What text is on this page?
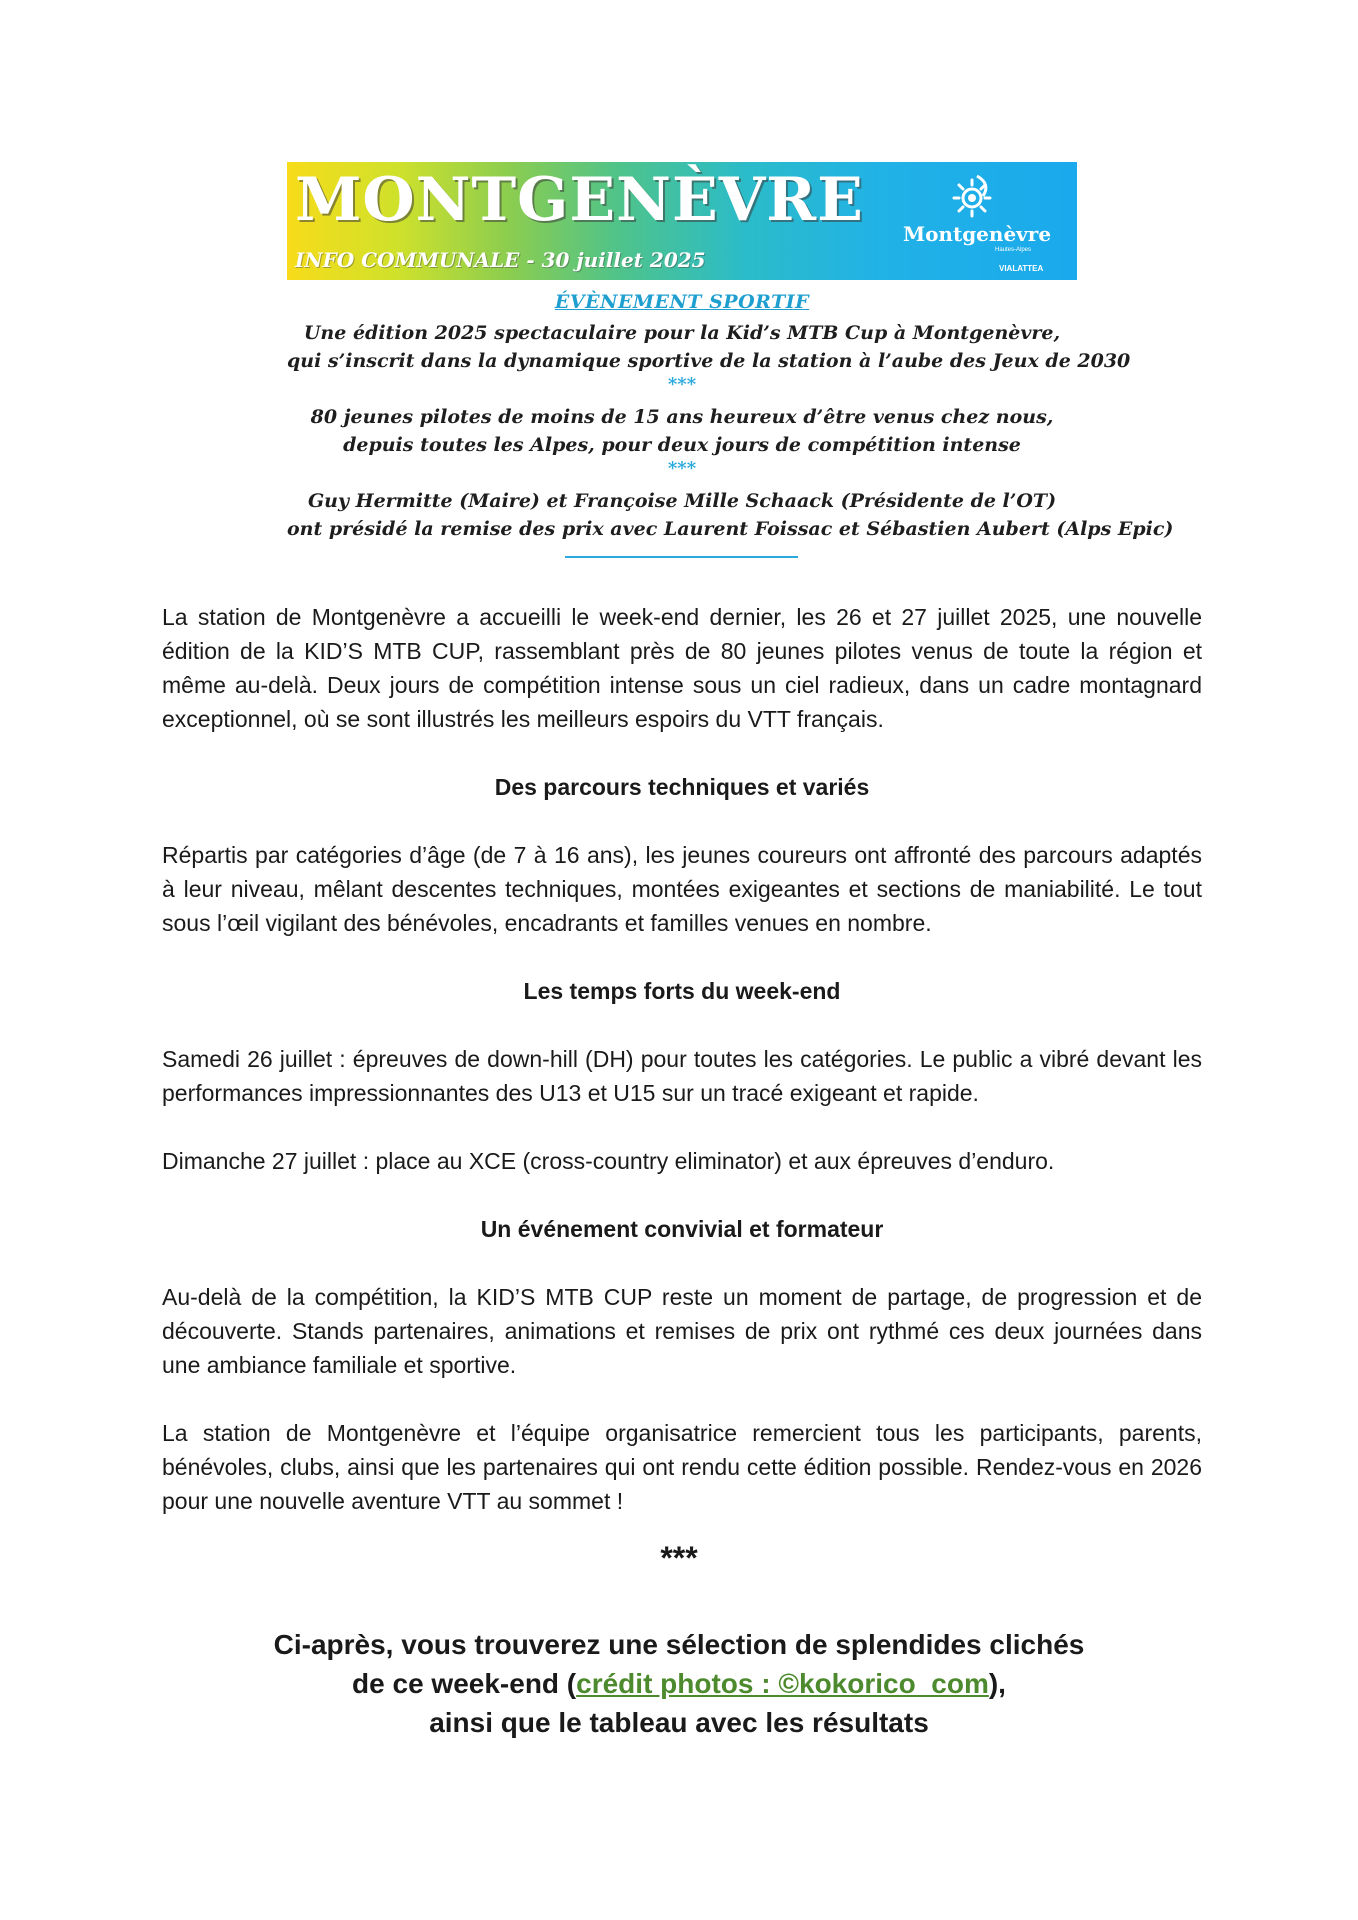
MONTGENÈVRE
INFO COMMUNALE - 30 juillet 2025
Montgenèvre
Hautes-Alpes
VIALATTEA
ÉVÈNEMENT SPORTIF
Une édition 2025 spectaculaire pour la Kid’s MTB Cup à Montgenèvre,
qui s’inscrit dans la dynamique sportive de la station à l’aube des Jeux de 2030
***
80 jeunes pilotes de moins de 15 ans heureux d’être venus chez nous,
depuis toutes les Alpes, pour deux jours de compétition intense
***
Guy Hermitte (Maire) et Françoise Mille Schaack (Présidente de l’OT)
ont présidé la remise des prix avec Laurent Foissac et Sébastien Aubert (Alps Epic)

La station de Montgenèvre a accueilli le week-end dernier, les 26 et 27 juillet 2025, une nouvelle édition de la KID’S MTB CUP, rassemblant près de 80 jeunes pilotes venus de toute la région et même au-delà. Deux jours de compétition intense sous un ciel radieux, dans un cadre montagnard exceptionnel, où se sont illustrés les meilleurs espoirs du VTT français.

Des parcours techniques et variés

Répartis par catégories d’âge (de 7 à 16 ans), les jeunes coureurs ont affronté des parcours adaptés à leur niveau, mêlant descentes techniques, montées exigeantes et sections de maniabilité. Le tout sous l’œil vigilant des bénévoles, encadrants et familles venues en nombre.

Les temps forts du week-end

Samedi 26 juillet : épreuves de down-hill (DH) pour toutes les catégories. Le public a vibré devant les performances impressionnantes des U13 et U15 sur un tracé exigeant et rapide.

Dimanche 27 juillet : place au XCE (cross-country eliminator) et aux épreuves d’enduro.

Un événement convivial et formateur

Au-delà de la compétition, la KID’S MTB CUP reste un moment de partage, de progression et de découverte. Stands partenaires, animations et remises de prix ont rythmé ces deux journées dans une ambiance familiale et sportive.

La station de Montgenèvre et l’équipe organisatrice remercient tous les participants, parents, bénévoles, clubs, ainsi que les partenaires qui ont rendu cette édition possible. Rendez-vous en 2026 pour une nouvelle aventure VTT au sommet !

***
Ci-après, vous trouverez une sélection de splendides clichés
de ce week-end (crédit photos : ©kokorico_com),
ainsi que le tableau avec les résultats
